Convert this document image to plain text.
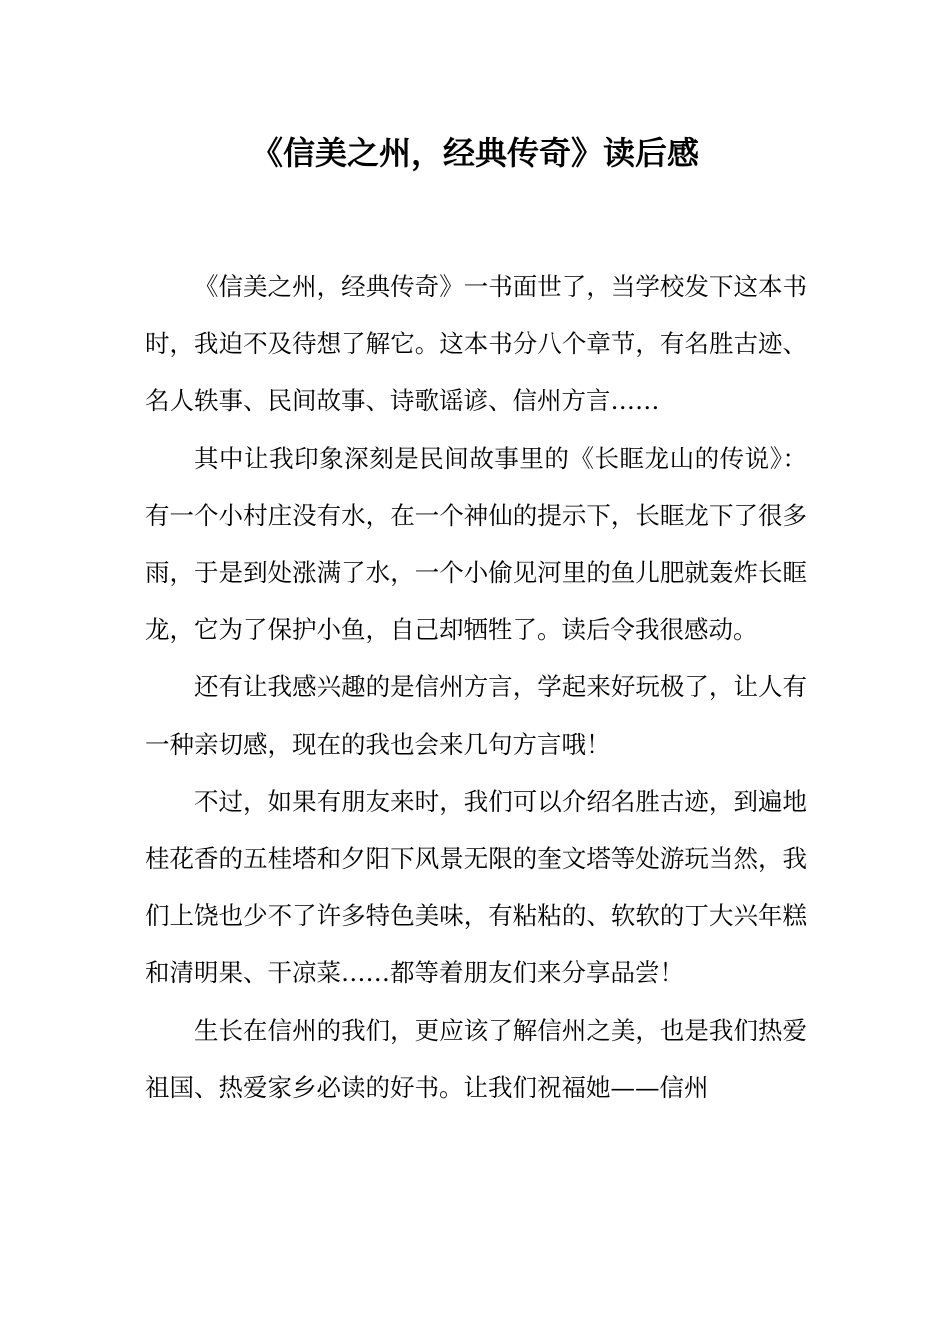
《信美之州，经典传奇》读后感

《信美之州，经典传奇》一书面世了，当学校发下这本书时，我迫不及待想了解它。这本书分八个章节，有名胜古迹、名人轶事、民间故事、诗歌谣谚、信州方言……

其中让我印象深刻是民间故事里的《长眶龙山的传说》：有一个小村庄没有水，在一个神仙的提示下，长眶龙下了很多雨，于是到处涨满了水，一个小偷见河里的鱼儿肥就轰炸长眶龙，它为了保护小鱼，自己却牺牲了。读后令我很感动。

还有让我感兴趣的是信州方言，学起来好玩极了，让人有一种亲切感，现在的我也会来几句方言哦！

不过，如果有朋友来时，我们可以介绍名胜古迹，到遍地桂花香的五桂塔和夕阳下风景无限的奎文塔等处游玩当然，我们上饶也少不了许多特色美味，有粘粘的、软软的丁大兴年糕和清明果、干凉菜……都等着朋友们来分享品尝！

生长在信州的我们，更应该了解信州之美，也是我们热爱祖国、热爱家乡必读的好书。让我们祝福她——信州
